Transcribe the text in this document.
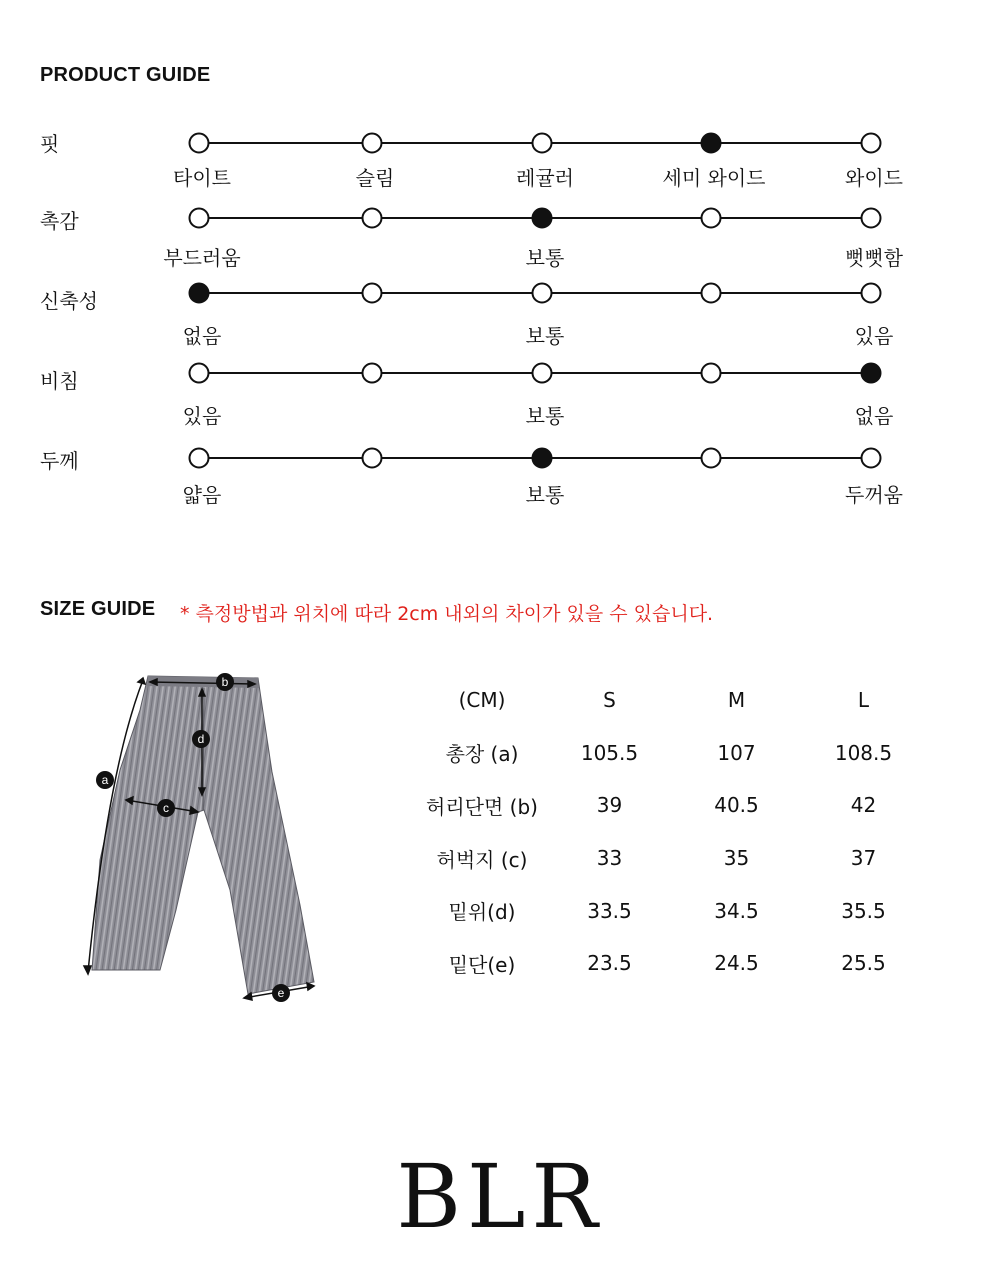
PRODUCT GUIDE
핏
타이트	슬림	레귤러	세미 와이드	와이드
촉감
부드러움	보통	뻣뻣함
신축성
없음	보통	있음
비침
있음	보통	없음
두께
얇음	보통	두꺼움
SIZE GUIDE * 측정방법과 위치에 따라 2cm 내외의 차이가 있을 수 있습니다.
a
b
c
d
e
(CM)	S	M	L
총장 (a)	105.5	107	108.5
허리단면 (b)	39	40.5	42
허벅지 (c)	33	35	37
밑위(d)	33.5	34.5	35.5
밑단(e)	23.5	24.5	25.5
BLR
